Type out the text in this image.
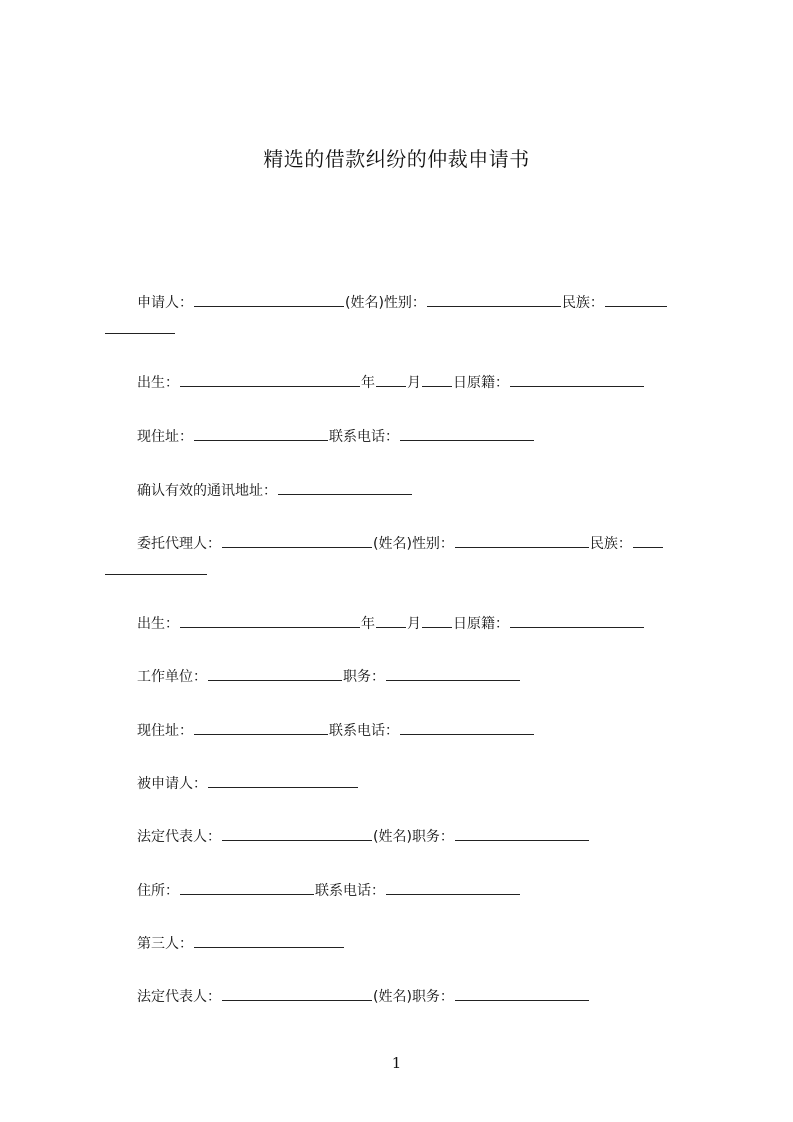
精选的借款纠纷的仲裁申请书
申请人：	(姓名)性别：	民族：
出生：	年 月 日原籍：
现住址：	联系电话：
确认有效的通讯地址：
委托代理人：	(姓名)性别：	民族：
出生：	年 月 日原籍：
工作单位：	职务：
现住址：	联系电话：
被申请人：
法定代表人：	(姓名)职务：
住所：	联系电话：
第三人：
法定代表人：	(姓名)职务：
1
